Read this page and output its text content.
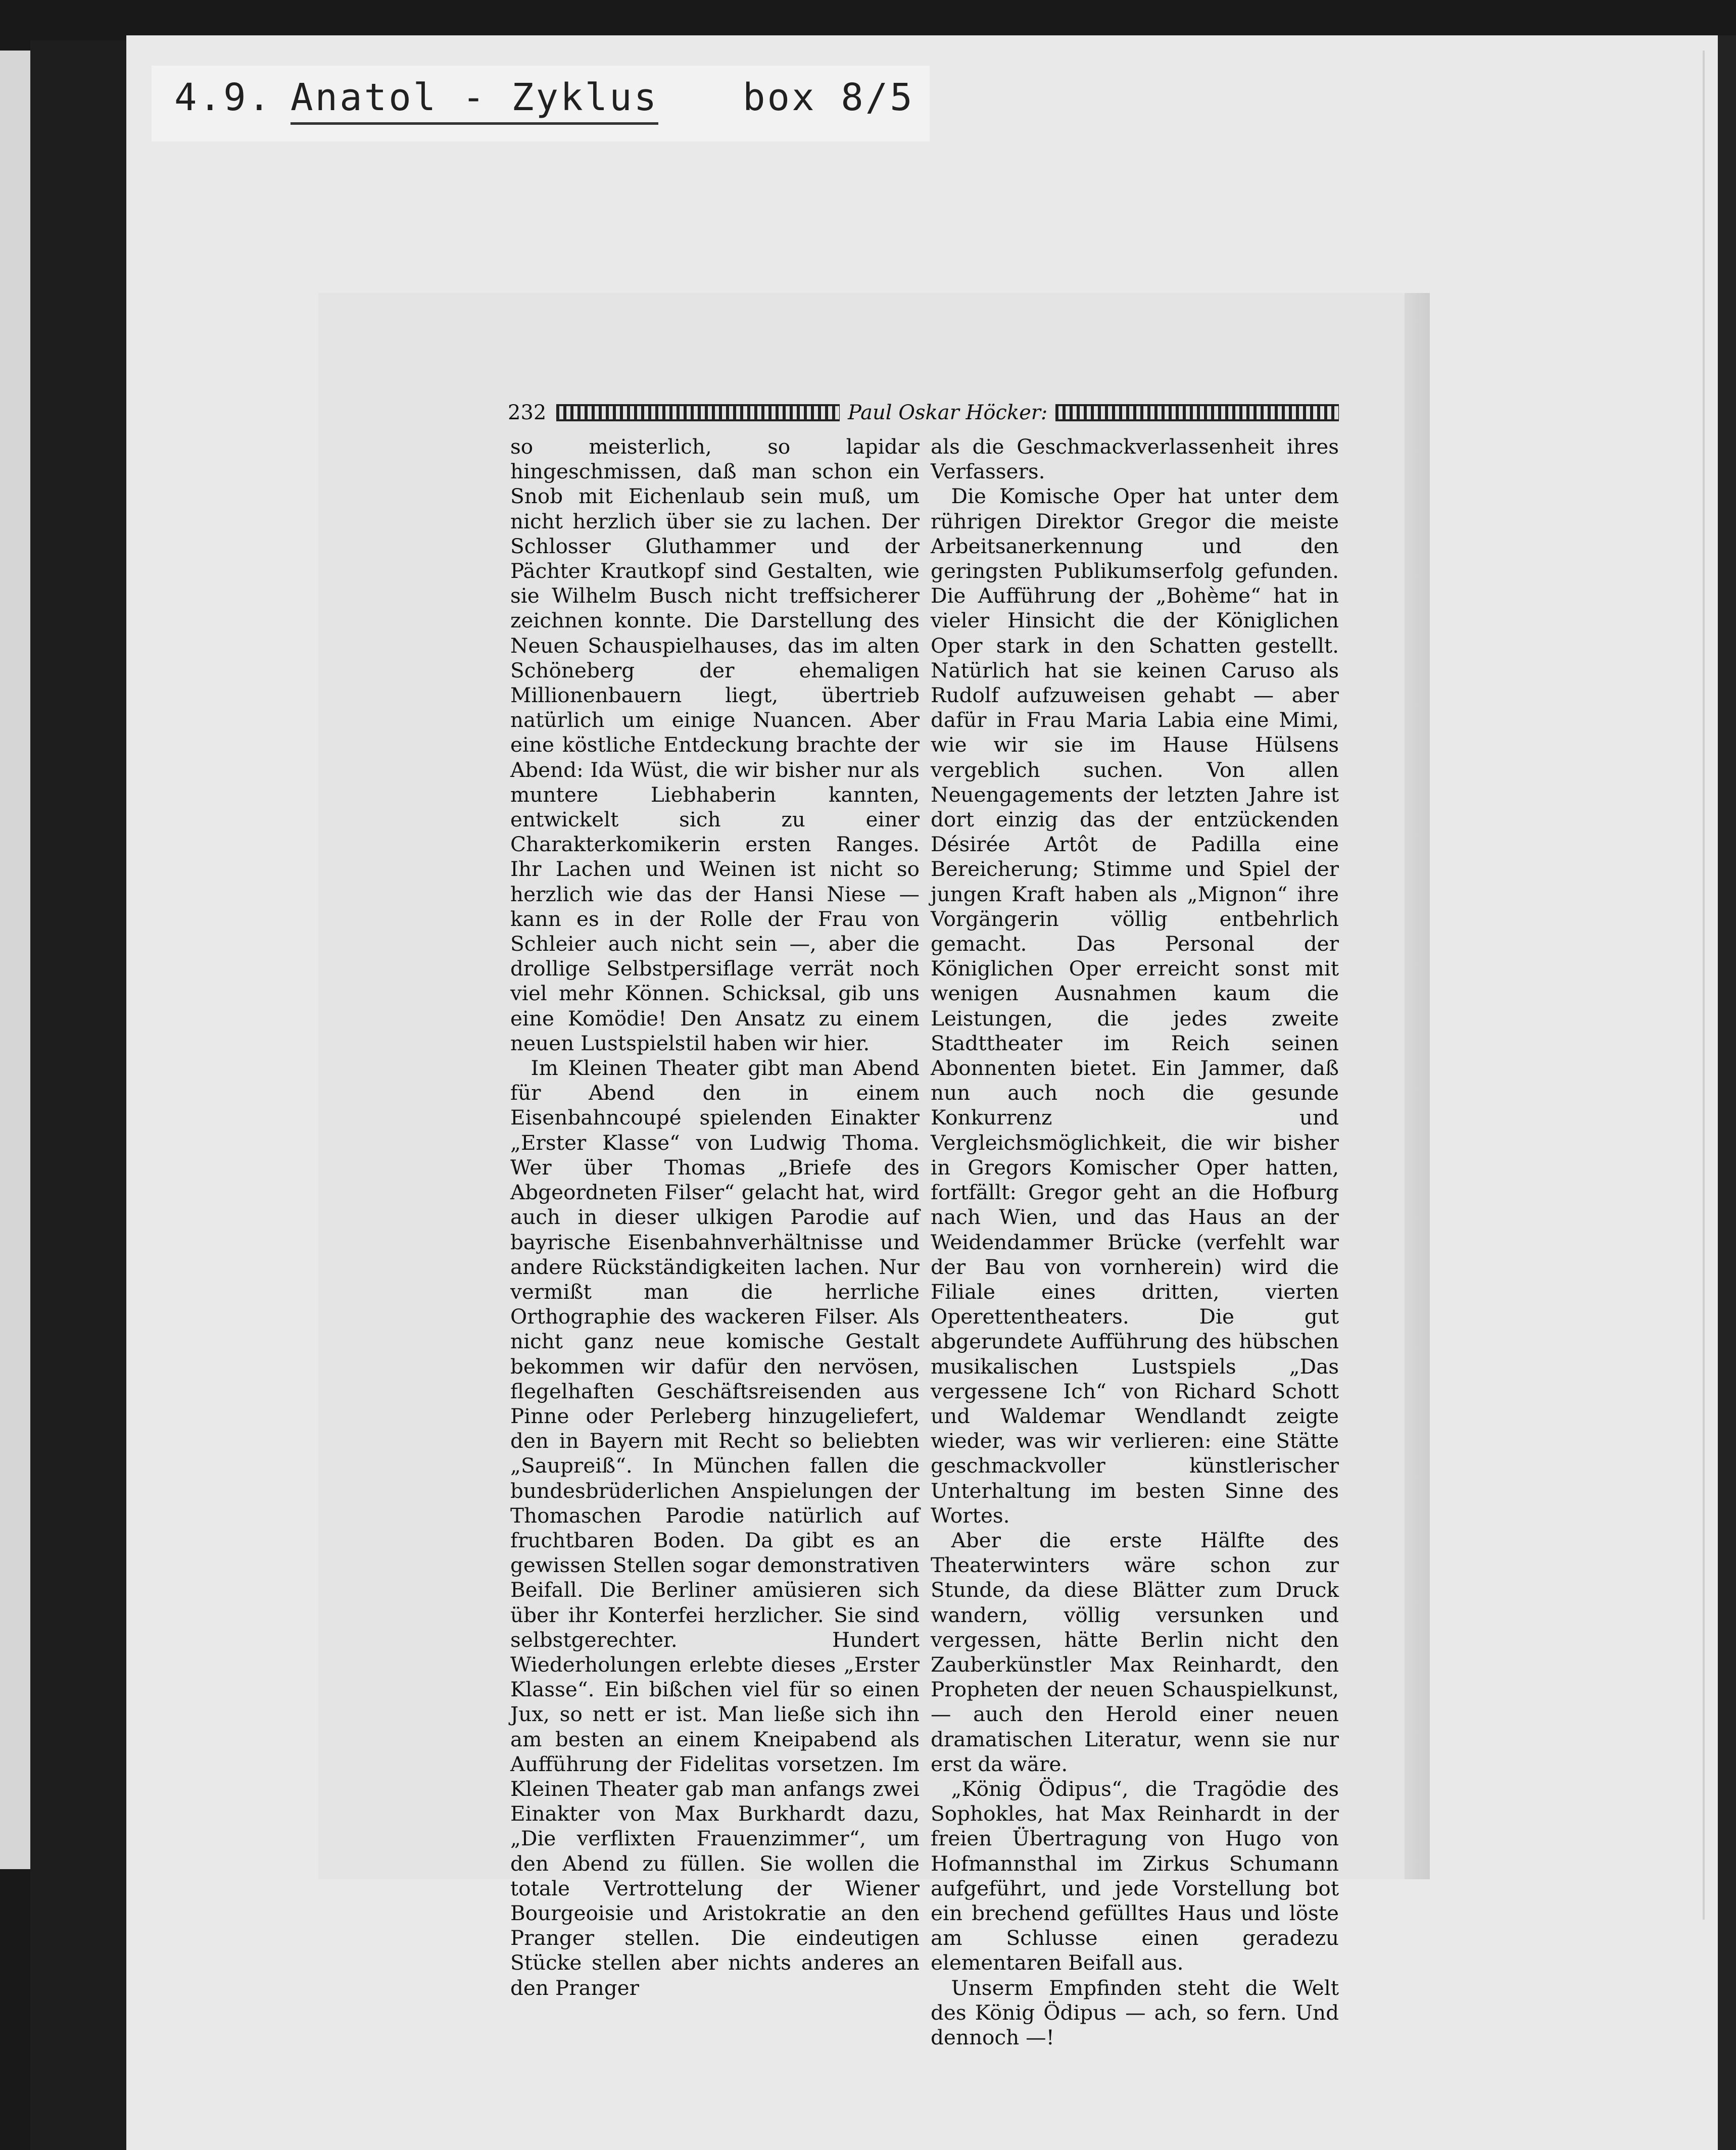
4.9. Anatol - Zyklus box 8/5
232	Paul Oskar Höcker:

so meisterlich, so lapidar hingeschmissen, daß man schon ein Snob mit Eichenlaub sein muß, um nicht herzlich über sie zu lachen. Der Schlosser Gluthammer und der Pächter Krautkopf sind Gestalten, wie sie Wilhelm Busch nicht treffsicherer zeichnen konnte. Die Darstellung des Neuen Schauspielhauses, das im alten Schöneberg der ehemaligen Millionenbauern liegt, übertrieb natürlich um einige Nuancen. Aber eine köstliche Entdeckung brachte der Abend: Ida Wüst, die wir bisher nur als muntere Liebhaberin kannten, entwickelt sich zu einer Charakterkomikerin ersten Ranges. Ihr Lachen und Weinen ist nicht so herzlich wie das der Hansi Niese — kann es in der Rolle der Frau von Schleier auch nicht sein —, aber die drollige Selbstpersiflage verrät noch viel mehr Können. Schicksal, gib uns eine Komödie! Den Ansatz zu einem neuen Lustspielstil haben wir hier.

Im Kleinen Theater gibt man Abend für Abend den in einem Eisenbahncoupé spielenden Einakter „Erster Klasse“ von Ludwig Thoma. Wer über Thomas „Briefe des Abgeordneten Filser“ gelacht hat, wird auch in dieser ulkigen Parodie auf bayrische Eisenbahnverhältnisse und andere Rückständigkeiten lachen. Nur vermißt man die herrliche Orthographie des wackeren Filser. Als nicht ganz neue komische Gestalt bekommen wir dafür den nervösen, flegelhaften Geschäftsreisenden aus Pinne oder Perleberg hinzugeliefert, den in Bayern mit Recht so beliebten „Saupreiß“. In München fallen die bundesbrüderlichen Anspielungen der Thomaschen Parodie natürlich auf fruchtbaren Boden. Da gibt es an gewissen Stellen sogar demonstrativen Beifall. Die Berliner amüsieren sich über ihr Konterfei herzlicher. Sie sind selbstgerechter. Hundert Wiederholungen erlebte dieses „Erster Klasse“. Ein bißchen viel für so einen Jux, so nett er ist. Man ließe sich ihn am besten an einem Kneipabend als Aufführung der Fidelitas vorsetzen. Im Kleinen Theater gab man anfangs zwei Einakter von Max Burkhardt dazu, „Die verflixten Frauenzimmer“, um den Abend zu füllen. Sie wollen die totale Vertrottelung der Wiener Bourgeoisie und Aristokratie an den Pranger stellen. Die eindeutigen Stücke stellen aber nichts anderes an den Pranger

als die Geschmackverlassenheit ihres Verfassers.

Die Komische Oper hat unter dem rührigen Direktor Gregor die meiste Arbeitsanerkennung und den geringsten Publikumserfolg gefunden. Die Aufführung der „Bohème“ hat in vieler Hinsicht die der Königlichen Oper stark in den Schatten gestellt. Natürlich hat sie keinen Caruso als Rudolf aufzuweisen gehabt — aber dafür in Frau Maria Labia eine Mimi, wie wir sie im Hause Hülsens vergeblich suchen. Von allen Neuengagements der letzten Jahre ist dort einzig das der entzückenden Désirée Artôt de Padilla eine Bereicherung; Stimme und Spiel der jungen Kraft haben als „Mignon“ ihre Vorgängerin völlig entbehrlich gemacht. Das Personal der Königlichen Oper erreicht sonst mit wenigen Ausnahmen kaum die Leistungen, die jedes zweite Stadttheater im Reich seinen Abonnenten bietet. Ein Jammer, daß nun auch noch die gesunde Konkurrenz und Vergleichsmöglichkeit, die wir bisher in Gregors Komischer Oper hatten, fortfällt: Gregor geht an die Hofburg nach Wien, und das Haus an der Weidendammer Brücke (verfehlt war der Bau von vornherein) wird die Filiale eines dritten, vierten Operettentheaters. Die gut abgerundete Aufführung des hübschen musikalischen Lustspiels „Das vergessene Ich“ von Richard Schott und Waldemar Wendlandt zeigte wieder, was wir verlieren: eine Stätte geschmackvoller künstlerischer Unterhaltung im besten Sinne des Wortes.

Aber die erste Hälfte des Theaterwinters wäre schon zur Stunde, da diese Blätter zum Druck wandern, völlig versunken und vergessen, hätte Berlin nicht den Zauberkünstler Max Reinhardt, den Propheten der neuen Schauspielkunst, — auch den Herold einer neuen dramatischen Literatur, wenn sie nur erst da wäre.

„König Ödipus“, die Tragödie des Sophokles, hat Max Reinhardt in der freien Übertragung von Hugo von Hofmannsthal im Zirkus Schumann aufgeführt, und jede Vorstellung bot ein brechend gefülltes Haus und löste am Schlusse einen geradezu elementaren Beifall aus.

Unserm Empfinden steht die Welt des König Ödipus — ach, so fern. Und dennoch —!
